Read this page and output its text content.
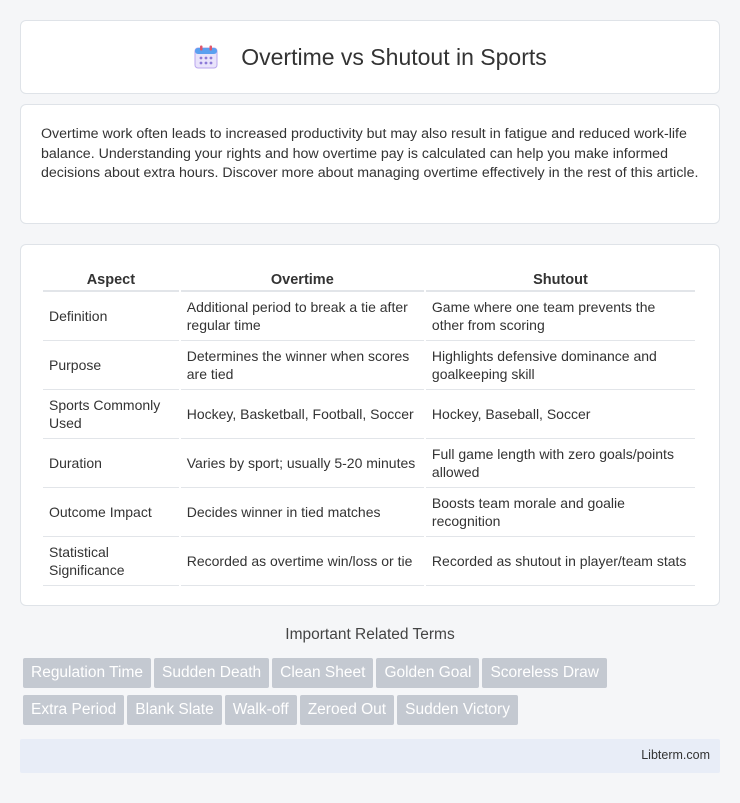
Overtime vs Shutout in Sports

Overtime work often leads to increased productivity but may also result in fatigue and reduced work-life balance. Understanding your rights and how overtime pay is calculated can help you make informed decisions about extra hours. Discover more about managing overtime effectively in the rest of this article.

Aspect	Overtime	Shutout
Definition	Additional period to break a tie after regular time	Game where one team prevents the other from scoring
Purpose	Determines the winner when scores are tied	Highlights defensive dominance and goalkeeping skill
Sports Commonly Used	Hockey, Basketball, Football, Soccer	Hockey, Baseball, Soccer
Duration	Varies by sport; usually 5-20 minutes	Full game length with zero goals/points allowed
Outcome Impact	Decides winner in tied matches	Boosts team morale and goalie recognition
Statistical Significance	Recorded as overtime win/loss or tie	Recorded as shutout in player/team stats
Important Related Terms
Regulation Time Sudden Death Clean Sheet Golden Goal Scoreless Draw
Extra Period Blank Slate Walk-off Zeroed Out Sudden Victory
Libterm.com
